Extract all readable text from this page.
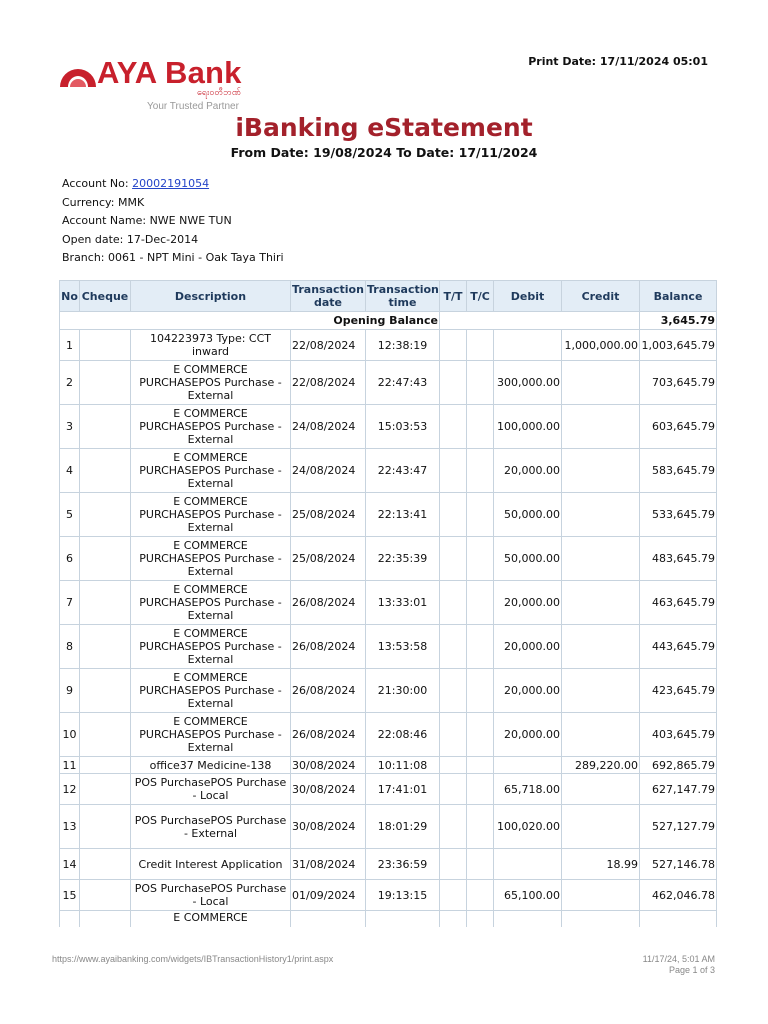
AYA Bank
ရေးဝတီဘဏ်
Your Trusted Partner
Print Date: 17/11/2024 05:01
iBanking eStatement
From Date: 19/08/2024 To Date: 17/11/2024
Account No: 20002191054
Currency: MMK
Account Name: NWE NWE TUN
Open date: 17-Dec-2014
Branch: 0061 - NPT Mini - Oak Taya Thiri
No	Cheque	Description	Transaction date	Transaction time	T/T	T/C	Debit	Credit	Balance
Opening Balance									3,645.79
1		104223973 Type: CCT inward	22/08/2024	12:38:19				1,000,000.00	1,003,645.79
2		E COMMERCE PURCHASEPOS Purchase - External	22/08/2024	22:47:43			300,000.00		703,645.79
3		E COMMERCE PURCHASEPOS Purchase - External	24/08/2024	15:03:53			100,000.00		603,645.79
4		E COMMERCE PURCHASEPOS Purchase - External	24/08/2024	22:43:47			20,000.00		583,645.79
5		E COMMERCE PURCHASEPOS Purchase - External	25/08/2024	22:13:41			50,000.00		533,645.79
6		E COMMERCE PURCHASEPOS Purchase - External	25/08/2024	22:35:39			50,000.00		483,645.79
7		E COMMERCE PURCHASEPOS Purchase - External	26/08/2024	13:33:01			20,000.00		463,645.79
8		E COMMERCE PURCHASEPOS Purchase - External	26/08/2024	13:53:58			20,000.00		443,645.79
9		E COMMERCE PURCHASEPOS Purchase - External	26/08/2024	21:30:00			20,000.00		423,645.79
10		E COMMERCE PURCHASEPOS Purchase - External	26/08/2024	22:08:46			20,000.00		403,645.79
11		office37 Medicine-138	30/08/2024	10:11:08				289,220.00	692,865.79
12		POS PurchasePOS Purchase - Local	30/08/2024	17:41:01			65,718.00		627,147.79
13		POS PurchasePOS Purchase - External	30/08/2024	18:01:29			100,020.00		527,127.79
14		Credit Interest Application	31/08/2024	23:36:59				18.99	527,146.78
15		POS PurchasePOS Purchase - Local	01/09/2024	19:13:15			65,100.00		462,046.78
		E COMMERCE							
https://www.ayaibanking.com/widgets/IBTransactionHistory1/print.aspx	11/17/24, 5:01 AM
Page 1 of 3
